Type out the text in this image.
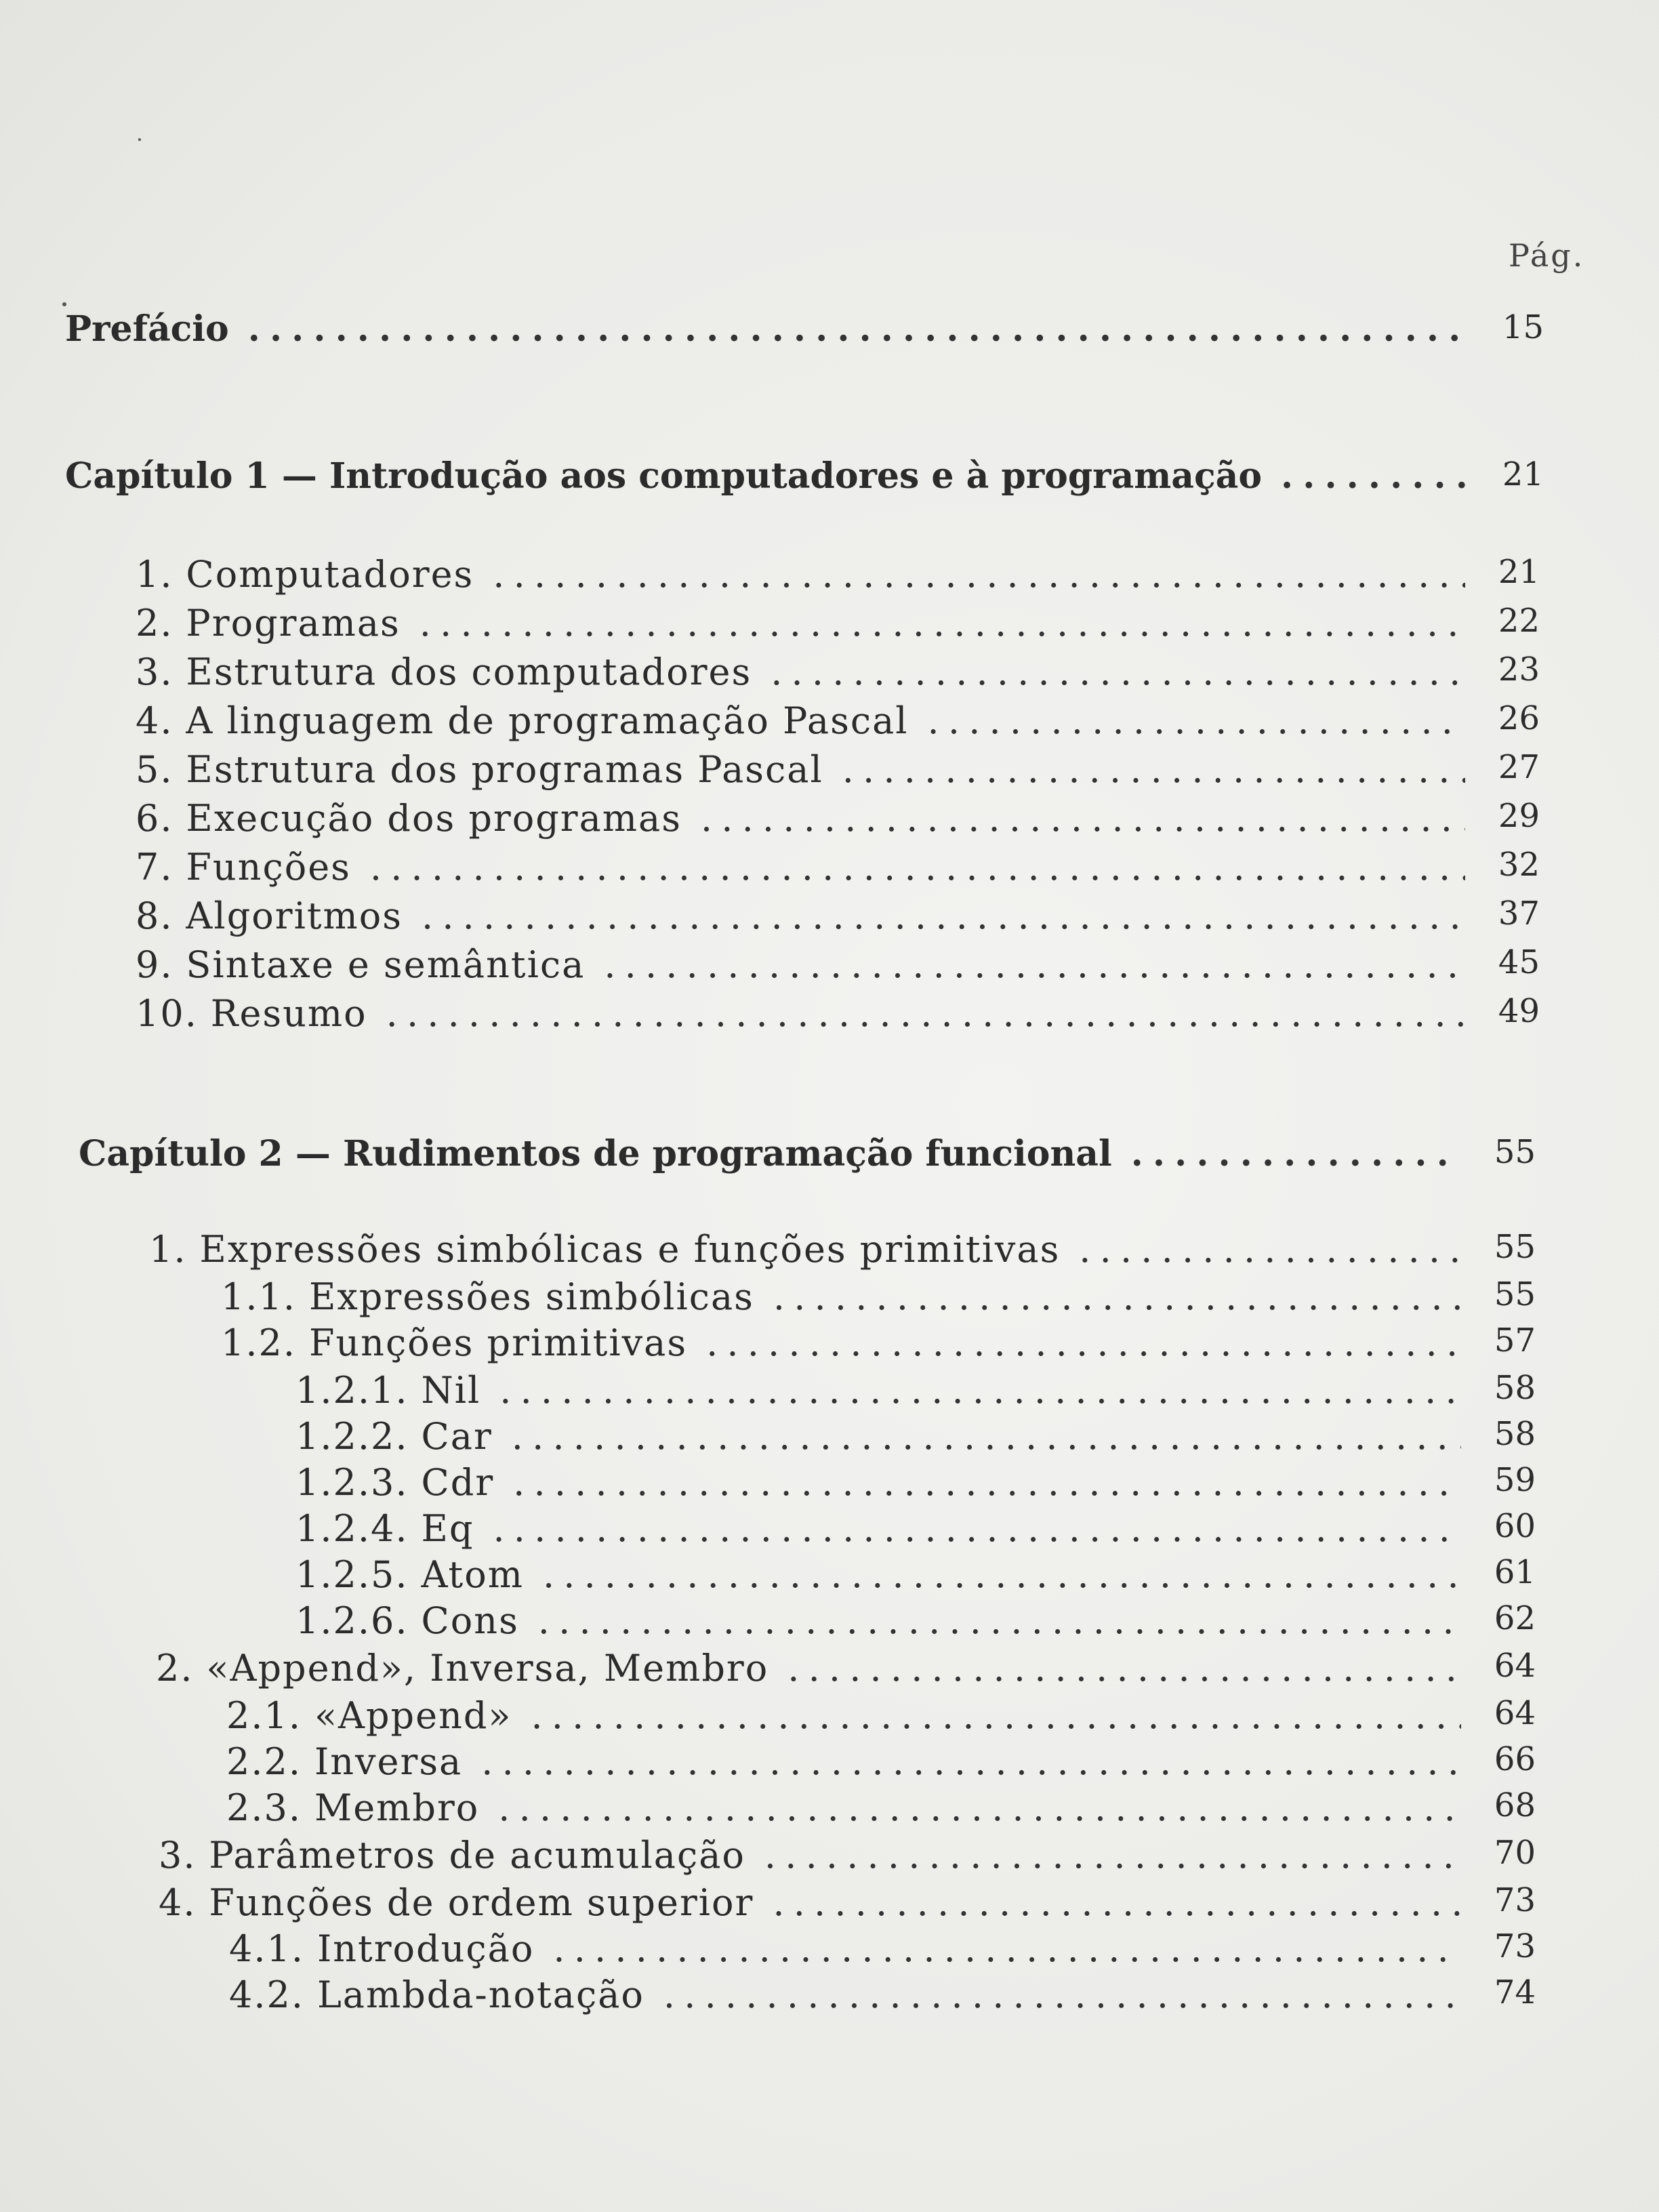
Pág.
Prefácio . . .	15
Capítulo 1 — Introdução aos computadores e à programação . . .	21
1. Computadores . . .	21
2. Programas . . .	22
3. Estrutura dos computadores . . .	23
4. A linguagem de programação Pascal . . .	26
5. Estrutura dos programas Pascal . . .	27
6. Execução dos programas . . .	29
7. Funções . . .	32
8. Algoritmos . . .	37
9. Sintaxe e semântica . . .	45
10. Resumo . . .	49
Capítulo 2 — Rudimentos de programação funcional . . .	55
1. Expressões simbólicas e funções primitivas . . .	55
1.1. Expressões simbólicas . . .	55
1.2. Funções primitivas . . .	57
1.2.1. Nil . . .	58
1.2.2. Car . . .	58
1.2.3. Cdr . . .	59
1.2.4. Eq . . .	60
1.2.5. Atom . . .	61
1.2.6. Cons . . .	62
2. «Append», Inversa, Membro . . .	64
2.1. «Append» . . .	64
2.2. Inversa . . .	66
2.3. Membro . . .	68
3. Parâmetros de acumulação . . .	70
4. Funções de ordem superior . . .	73
4.1. Introdução . . .	73
4.2. Lambda-notação . . .	74
